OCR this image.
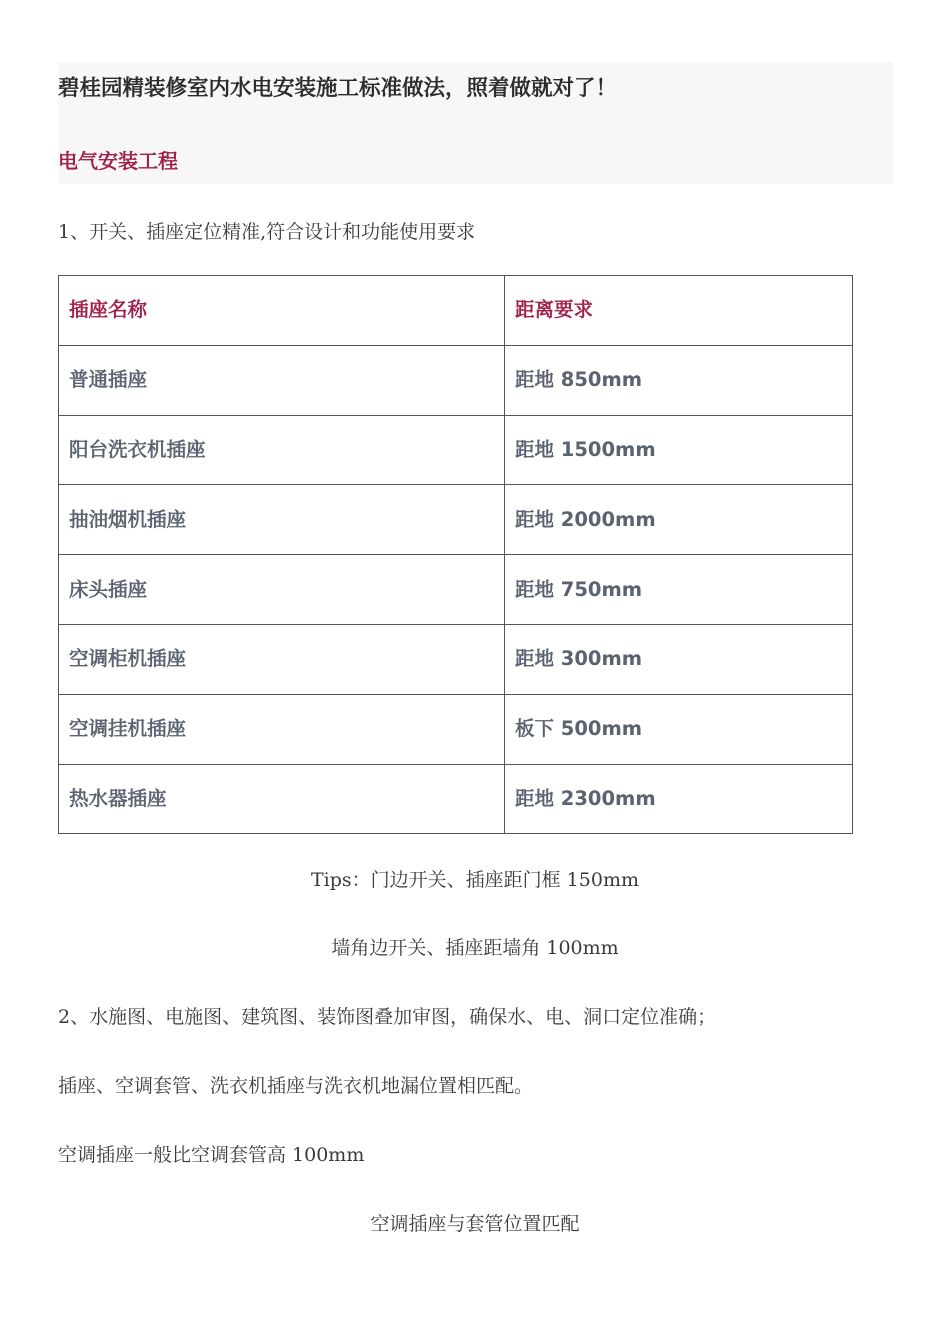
碧桂园精装修室内水电安装施工标准做法，照着做就对了！
电气安装工程

1、开关、插座定位精准,符合设计和功能使用要求

插座名称	距离要求
普通插座	距地 850mm
阳台洗衣机插座	距地 1500mm
抽油烟机插座	距地 2000mm
床头插座	距地 750mm
空调柜机插座	距地 300mm
空调挂机插座	板下 500mm
热水器插座	距地 2300mm

Tips：门边开关、插座距门框 150mm

墙角边开关、插座距墙角 100mm

2、水施图、电施图、建筑图、装饰图叠加审图，确保水、电、洞口定位准确；

插座、空调套管、洗衣机插座与洗衣机地漏位置相匹配。

空调插座一般比空调套管高 100mm

空调插座与套管位置匹配
